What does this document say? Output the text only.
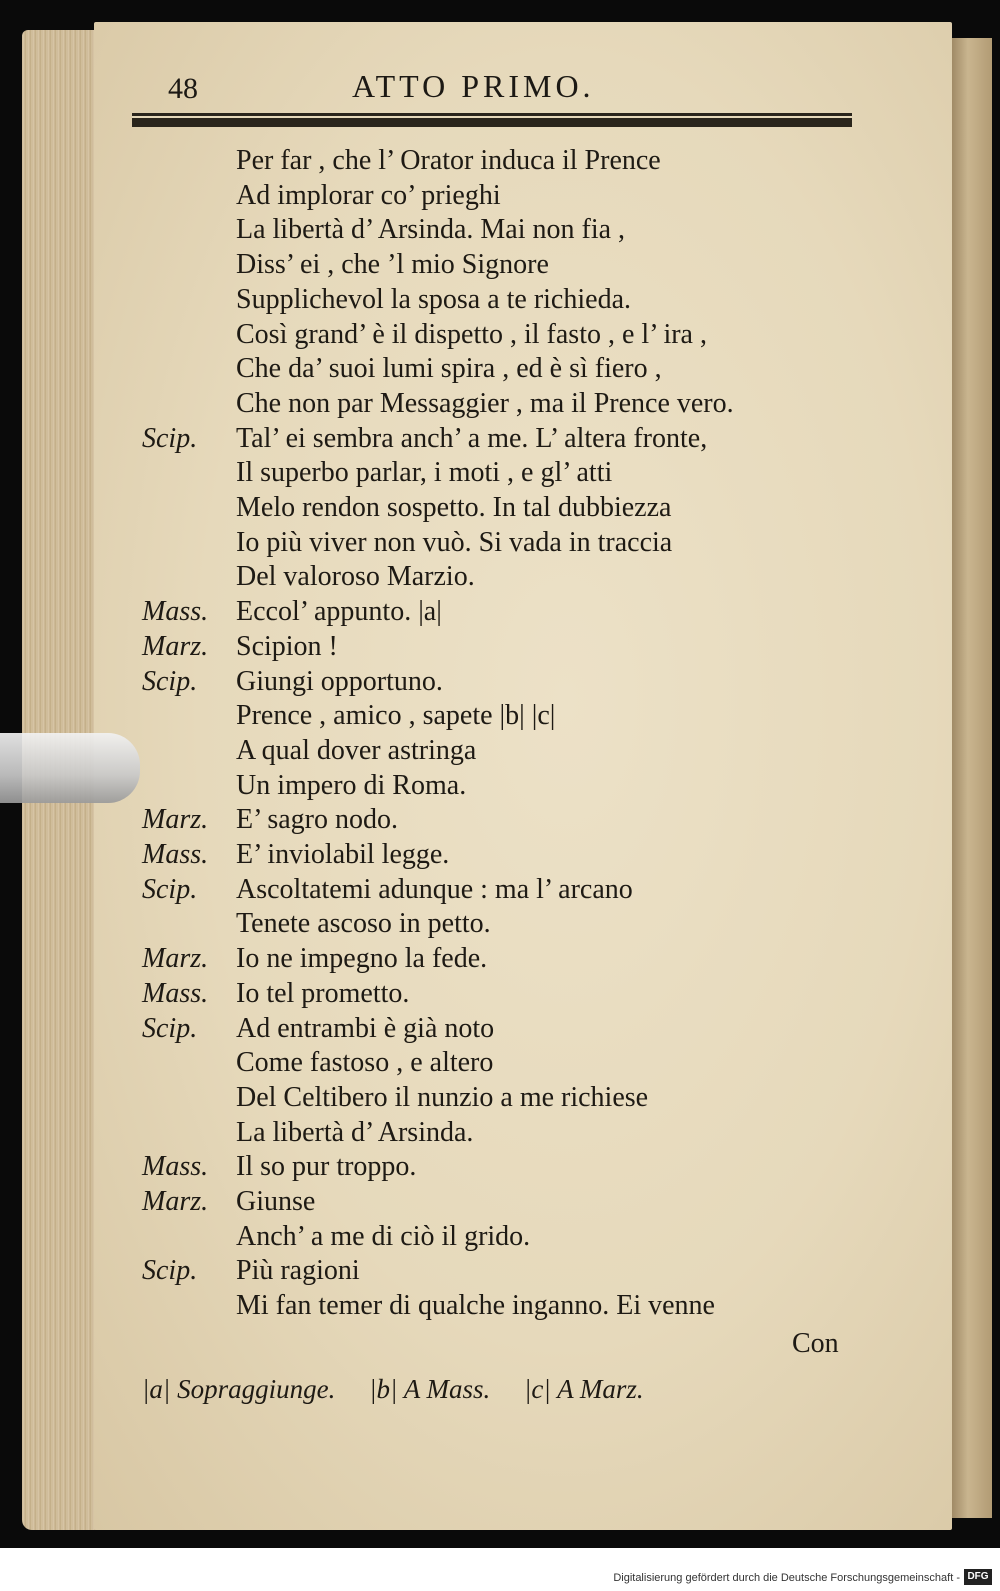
48	ATTO PRIMO.
Per far , che l’ Orator induca il Prence
Ad implorar co’ prieghi
La libertà d’ Arsinda. Mai non fia ,
Diss’ ei , che ’l mio Signore
Supplichevol la sposa a te richieda.
Così grand’ è il dispetto , il fasto , e l’ ira ,
Che da’ suoi lumi spira , ed è sì fiero ,
Che non par Messaggier , ma il Prence vero.
Scip. Tal’ ei sembra anch’ a me. L’ altera fronte,
Il superbo parlar, i moti , e gl’ atti
Melo rendon sospetto. In tal dubbiezza
Io più viver non vuò. Si vada in traccia
Del valoroso Marzio.
Mass. Eccol’ appunto. |a|
Marz. Scipion !
Scip. Giungi opportuno.
Prence , amico , sapete |b| |c|
A qual dover astringa
Un impero di Roma.
Marz. E’ sagro nodo.
Mass. E’ inviolabil legge.
Scip. Ascoltatemi adunque : ma l’ arcano
Tenete ascoso in petto.
Marz. Io ne impegno la fede.
Mass. Io tel prometto.
Scip. Ad entrambi è già noto
Come fastoso , e altero
Del Celtibero il nunzio a me richiese
La libertà d’ Arsinda.
Mass. Il so pur troppo.
Marz. Giunse
Anch’ a me di ciò il grido.
Scip. Più ragioni
Mi fan temer di qualche inganno. Ei venne
Con
|a| Sopraggiunge. |b| A Mass. |c| A Marz.
Digitalisierung gefördert durch die Deutsche Forschungsgemeinschaft - DFG
